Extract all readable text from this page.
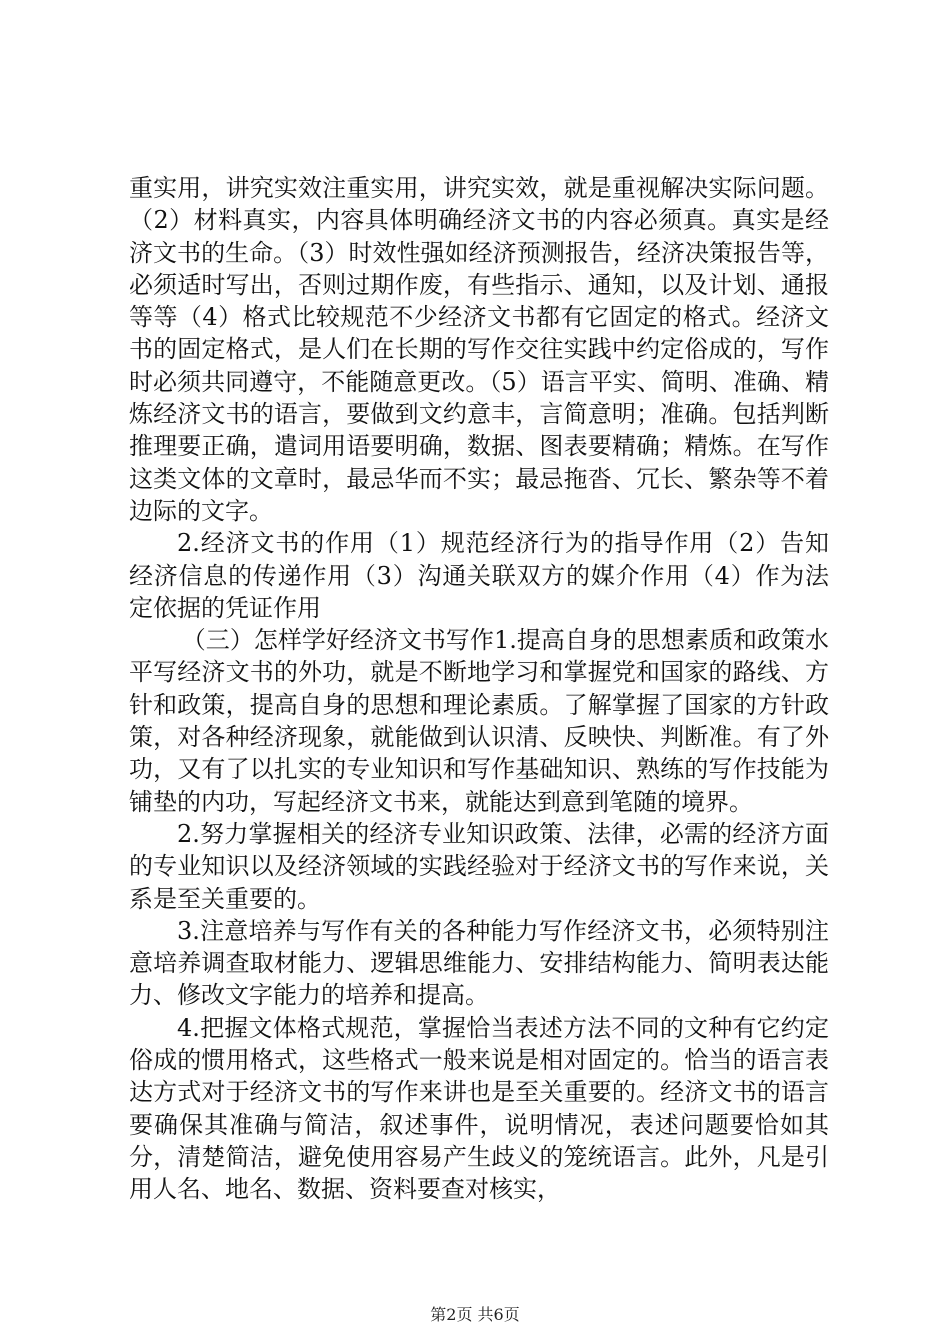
重实用，讲究实效注重实用，讲究实效，就是重视解决实际问题。（2）材料真实，内容具体明确经济文书的内容必须真。真实是经济文书的生命。（3）时效性强如经济预测报告，经济决策报告等，必须适时写出，否则过期作废，有些指示、通知，以及计划、通报等等（4）格式比较规范不少经济文书都有它固定的格式。经济文书的固定格式，是人们在长期的写作交往实践中约定俗成的，写作时必须共同遵守，不能随意更改。（5）语言平实、简明、准确、精炼经济文书的语言，要做到文约意丰，言简意明；准确。包括判断推理要正确，遣词用语要明确，数据、图表要精确；精炼。在写作这类文体的文章时，最忌华而不实；最忌拖沓、冗长、繁杂等不着边际的文字。

2.经济文书的作用（1）规范经济行为的指导作用（2）告知经济信息的传递作用（3）沟通关联双方的媒介作用（4）作为法定依据的凭证作用

（三）怎样学好经济文书写作1.提高自身的思想素质和政策水平写经济文书的外功，就是不断地学习和掌握党和国家的路线、方针和政策，提高自身的思想和理论素质。了解掌握了国家的方针政策，对各种经济现象，就能做到认识清、反映快、判断准。有了外功，又有了以扎实的专业知识和写作基础知识、熟练的写作技能为铺垫的内功，写起经济文书来，就能达到意到笔随的境界。

2.努力掌握相关的经济专业知识政策、法律，必需的经济方面的专业知识以及经济领域的实践经验对于经济文书的写作来说，关系是至关重要的。

3.注意培养与写作有关的各种能力写作经济文书，必须特别注意培养调查取材能力、逻辑思维能力、安排结构能力、简明表达能力、修改文字能力的培养和提高。

4.把握文体格式规范，掌握恰当表述方法不同的文种有它约定俗成的惯用格式，这些格式一般来说是相对固定的。恰当的语言表达方式对于经济文书的写作来讲也是至关重要的。经济文书的语言要确保其准确与简洁，叙述事件，说明情况，表述问题要恰如其分，清楚简洁，避免使用容易产生歧义的笼统语言。此外，凡是引用人名、地名、数据、资料要查对核实，

第2页 共6页
